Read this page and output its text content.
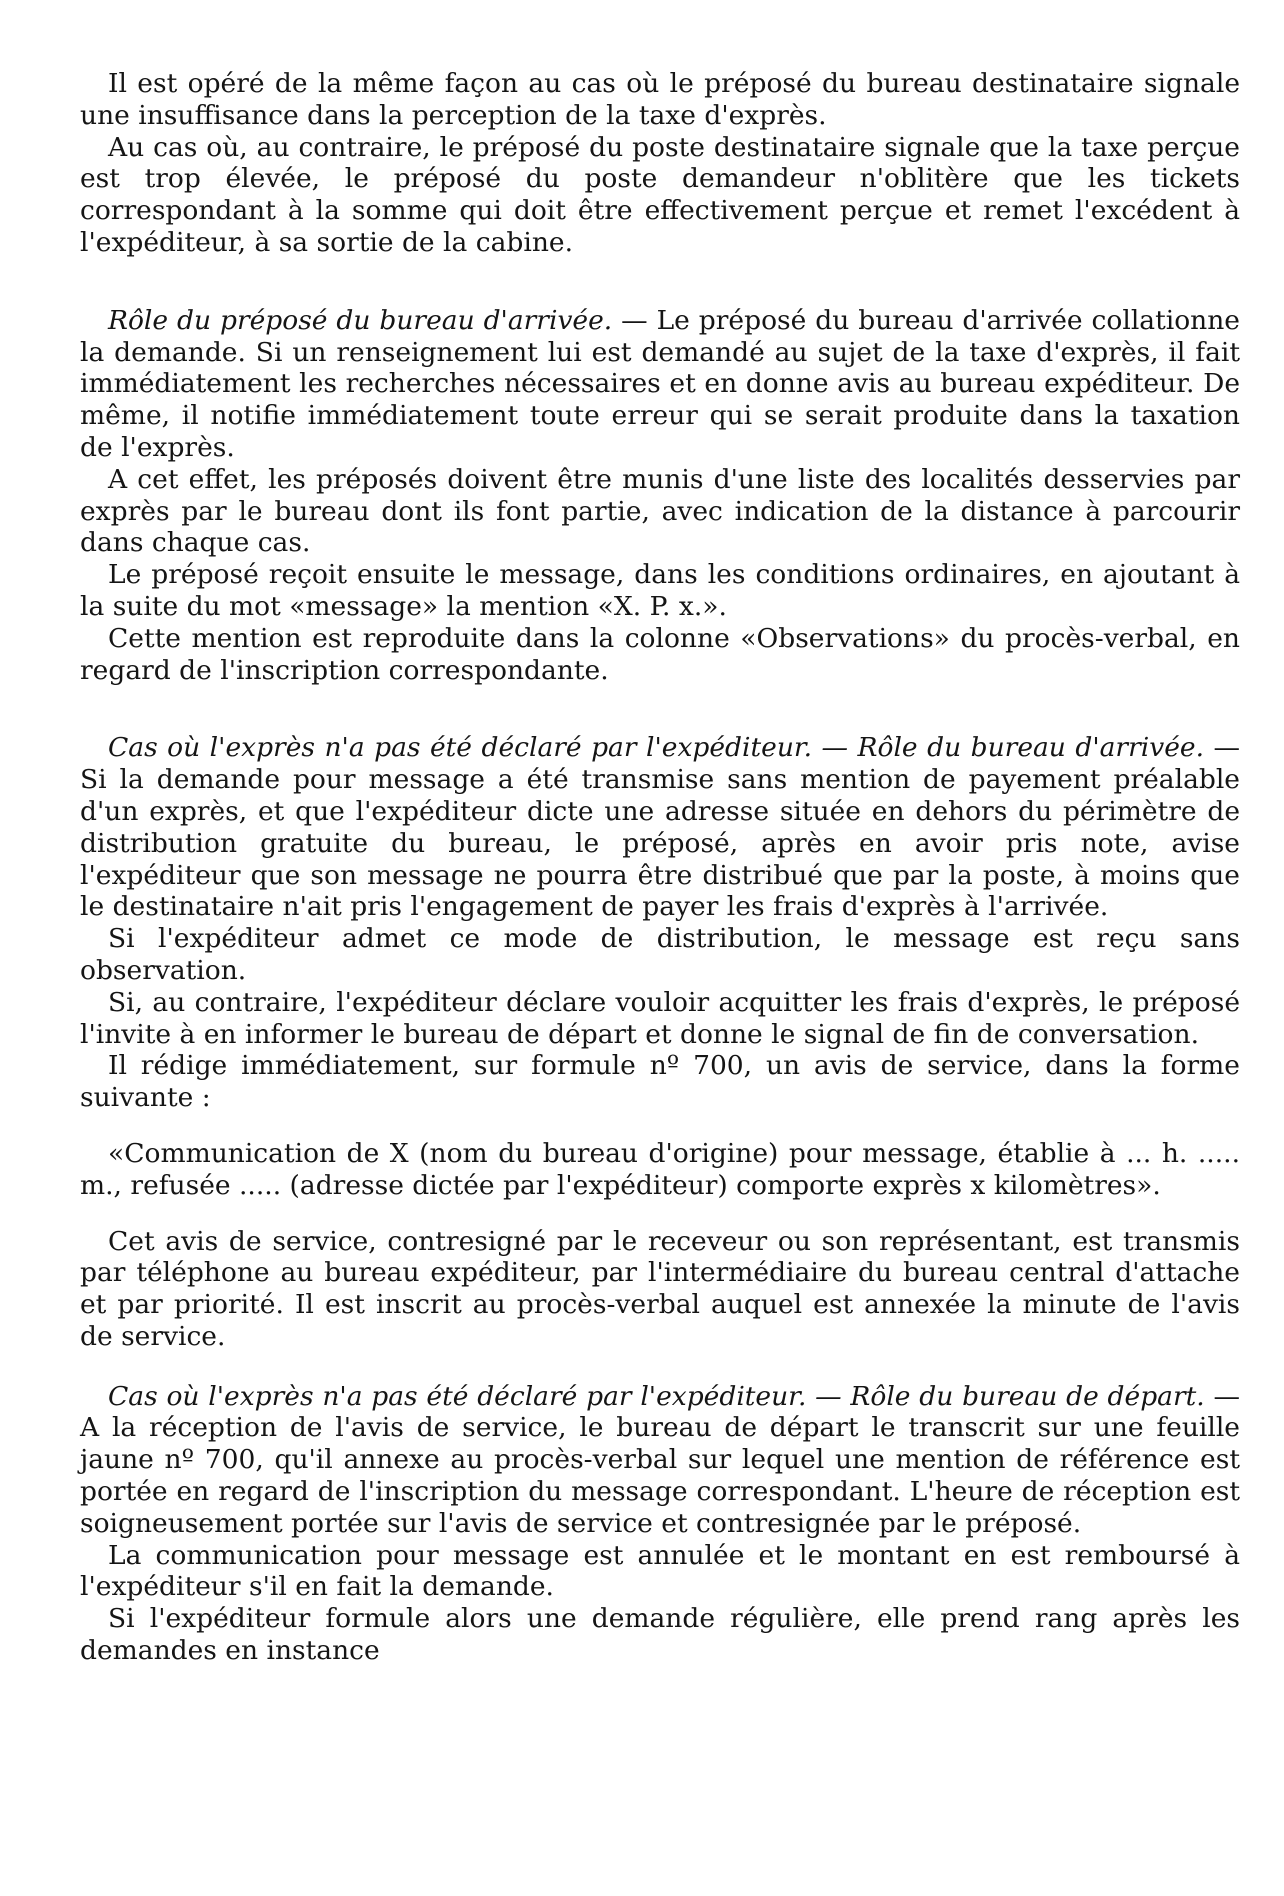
Il est opéré de la même façon au cas où le préposé du bureau destinataire signale une insuffisance dans la perception de la taxe d'exprès.

Au cas où, au contraire, le préposé du poste destinataire signale que la taxe perçue est trop élevée, le préposé du poste demandeur n'oblitère que les tickets correspondant à la somme qui doit être effectivement perçue et remet l'excédent à l'expéditeur, à sa sortie de la cabine.

Rôle du préposé du bureau d'arrivée. — Le préposé du bureau d'arrivée collationne la demande. Si un renseignement lui est demandé au sujet de la taxe d'exprès, il fait immédiatement les recherches nécessaires et en donne avis au bureau expéditeur. De même, il notifie immédiatement toute erreur qui se serait produite dans la taxation de l'exprès.

A cet effet, les préposés doivent être munis d'une liste des localités desservies par exprès par le bureau dont ils font partie, avec indication de la distance à parcourir dans chaque cas.

Le préposé reçoit ensuite le message, dans les conditions ordinaires, en ajoutant à la suite du mot «message» la mention «X. P. x.».

Cette mention est reproduite dans la colonne «Observations» du procès-verbal, en regard de l'inscription correspondante.

Cas où l'exprès n'a pas été déclaré par l'expéditeur. — Rôle du bureau d'arrivée. — Si la demande pour message a été transmise sans mention de payement préalable d'un exprès, et que l'expéditeur dicte une adresse située en dehors du périmètre de distribution gratuite du bureau, le préposé, après en avoir pris note, avise l'expéditeur que son message ne pourra être distribué que par la poste, à moins que le destinataire n'ait pris l'engagement de payer les frais d'exprès à l'arrivée.

Si l'expéditeur admet ce mode de distribution, le message est reçu sans observation.

Si, au contraire, l'expéditeur déclare vouloir acquitter les frais d'exprès, le préposé l'invite à en informer le bureau de départ et donne le signal de fin de conversation.

Il rédige immédiatement, sur formule nº 700, un avis de service, dans la forme suivante :

«Communication de X (nom du bureau d'origine) pour message, établie à ... h. ..... m., refusée ..... (adresse dictée par l'expéditeur) comporte exprès x kilomètres».

Cet avis de service, contresigné par le receveur ou son représentant, est transmis par téléphone au bureau expéditeur, par l'intermédiaire du bureau central d'attache et par priorité. Il est inscrit au procès-verbal auquel est annexée la minute de l'avis de service.

Cas où l'exprès n'a pas été déclaré par l'expéditeur. — Rôle du bureau de départ. — A la réception de l'avis de service, le bureau de départ le transcrit sur une feuille jaune nº 700, qu'il annexe au procès-verbal sur lequel une mention de référence est portée en regard de l'inscription du message correspondant. L'heure de réception est soigneusement portée sur l'avis de service et contresignée par le préposé.

La communication pour message est annulée et le montant en est remboursé à l'expéditeur s'il en fait la demande.

Si l'expéditeur formule alors une demande régulière, elle prend rang après les demandes en instance
